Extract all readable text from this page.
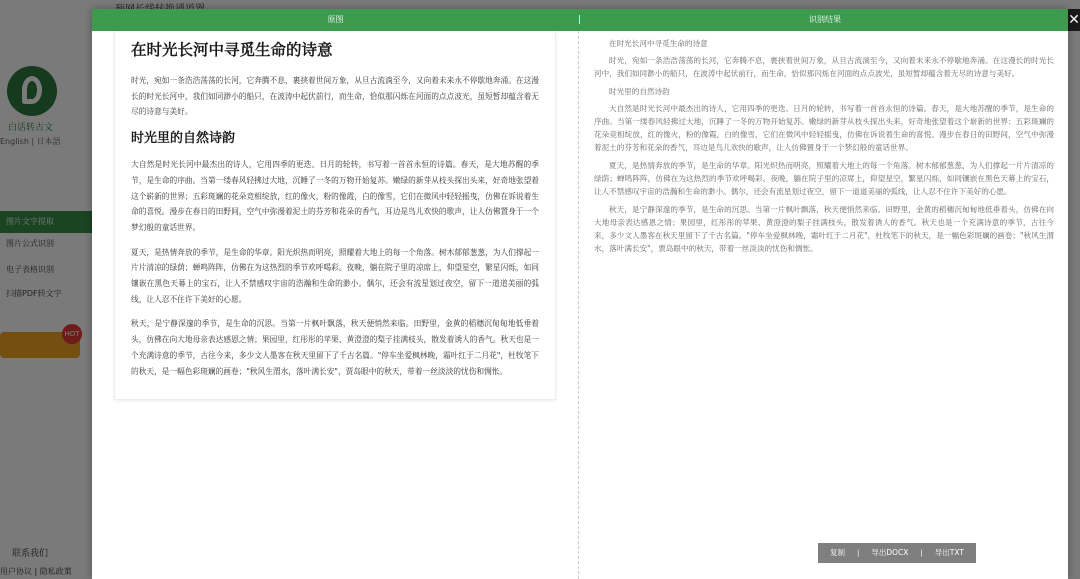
✕
原图	|	识别结果
在时光长河中寻觅生命的诗意

时光，宛如一条浩浩荡荡的长河，它奔腾不息，裹挟着世间万象，从旦古流淌至今，又向着未来永不停歇地奔涌。在这漫长的时光长河中，我们如同渺小的船只，在波涛中起伏前行，而生命，恰似那闪烁在河面的点点波光，虽短暂却蕴含着无尽的诗意与美好。

时光里的自然诗韵

大自然是时光长河中最杰出的诗人，它用四季的更迭、日月的轮转，书写着一首首永恒的诗篇。春天，是大地苏醒的季节，是生命的序曲。当第一缕春风轻拂过大地，沉睡了一冬的万物开始复苏。嫩绿的新芽从枝头探出头来，好奇地张望着这个崭新的世界；五彩斑斓的花朵竞相绽放，红的像火，粉的像霞，白的像雪，它们在微风中轻轻摇曳，仿佛在诉说着生命的喜悦。漫步在春日的田野间，空气中弥漫着泥土的芬芳和花朵的香气，耳边是鸟儿欢快的歌声，让人仿佛置身于一个梦幻般的童话世界。

夏天，是热情奔放的季节，是生命的华章。阳光炽热而明亮，照耀着大地上的每一个角落。树木郁郁葱葱，为人们撑起一片片清凉的绿荫；蝉鸣阵阵，仿佛在为这热烈的季节欢呼喝彩。夜晚，躺在院子里的凉席上，仰望星空，繁星闪烁，如同镶嵌在黑色天幕上的宝石，让人不禁感叹宇宙的浩瀚和生命的渺小。偶尔，还会有流星划过夜空，留下一道道美丽的弧线，让人忍不住许下美好的心愿。

秋天，是宁静深邃的季节，是生命的沉思。当第一片枫叶飘落，秋天便悄然来临。田野里，金黄的稻穗沉甸甸地低垂着头，仿佛在向大地母亲表达感恩之情；果园里，红彤彤的苹果、黄澄澄的梨子挂满枝头，散发着诱人的香气。秋天也是一个充满诗意的季节，古往今来，多少文人墨客在秋天里留下了千古名篇。"停车坐爱枫林晚，霜叶红于二月花"，杜牧笔下的秋天，是一幅色彩斑斓的画卷；"秋风生渭水，落叶满长安"，贾岛眼中的秋天，带着一丝淡淡的忧伤和惆怅。

在时光长河中寻觅生命的诗意

时光，宛如一条浩浩荡荡的长河，它奔腾不息，裹挟着世间万象，从旦古流淌至今，又向着未来永不停歇地奔涌。在这漫长的时光长河中，我们如同渺小的船只，在波涛中起伏前行，而生命，恰似那闪烁在河面的点点波光，虽短暂却蕴含着无尽的诗意与美好。

时光里的自然诗韵

大自然是时光长河中最杰出的诗人，它用四季的更迭、日月的轮转，书写着一首首永恒的诗篇。春天，是大地苏醒的季节，是生命的序曲。当第一缕春风轻拂过大地，沉睡了一冬的万物开始复苏。嫩绿的新芽从枝头探出头来，好奇地张望着这个崭新的世界；五彩斑斓的花朵竞相绽放，红的像火，粉的像霞，白的像雪，它们在微风中轻轻摇曳，仿佛在诉说着生命的喜悦。漫步在春日的田野间，空气中弥漫着泥土的芬芳和花朵的香气，耳边是鸟儿欢快的歌声，让人仿佛置身于一个梦幻般的童话世界。

夏天，是热情奔放的季节，是生命的华章。阳光炽热而明亮，照耀着大地上的每一个角落。树木郁郁葱葱，为人们撑起一片片清凉的绿荫；蝉鸣阵阵，仿佛在为这热烈的季节欢呼喝彩。夜晚，躺在院子里的凉席上，仰望星空，繁星闪烁，如同镶嵌在黑色天幕上的宝石，让人不禁感叹宇宙的浩瀚和生命的渺小。偶尔，还会有流星划过夜空，留下一道道美丽的弧线，让人忍不住许下美好的心愿。

秋天，是宁静深邃的季节，是生命的沉思。当第一片枫叶飘落，秋天便悄然来临。田野里，金黄的稻穗沉甸甸地低垂着头，仿佛在向大地母亲表达感恩之情；果园里，红彤彤的苹果、黄澄澄的梨子挂满枝头，散发着诱人的香气。秋天也是一个充满诗意的季节，古往今来，多少文人墨客在秋天里留下了千古名篇。"停车坐爱枫林晚，霜叶红于二月花"，杜牧笔下的秋天，是一幅色彩斑斓的画卷；"秋风生渭水，落叶满长安"，贾岛眼中的秋天，带着一丝淡淡的忧伤和惆怅。

复制	|	导出DOCX	|	导出TXT
